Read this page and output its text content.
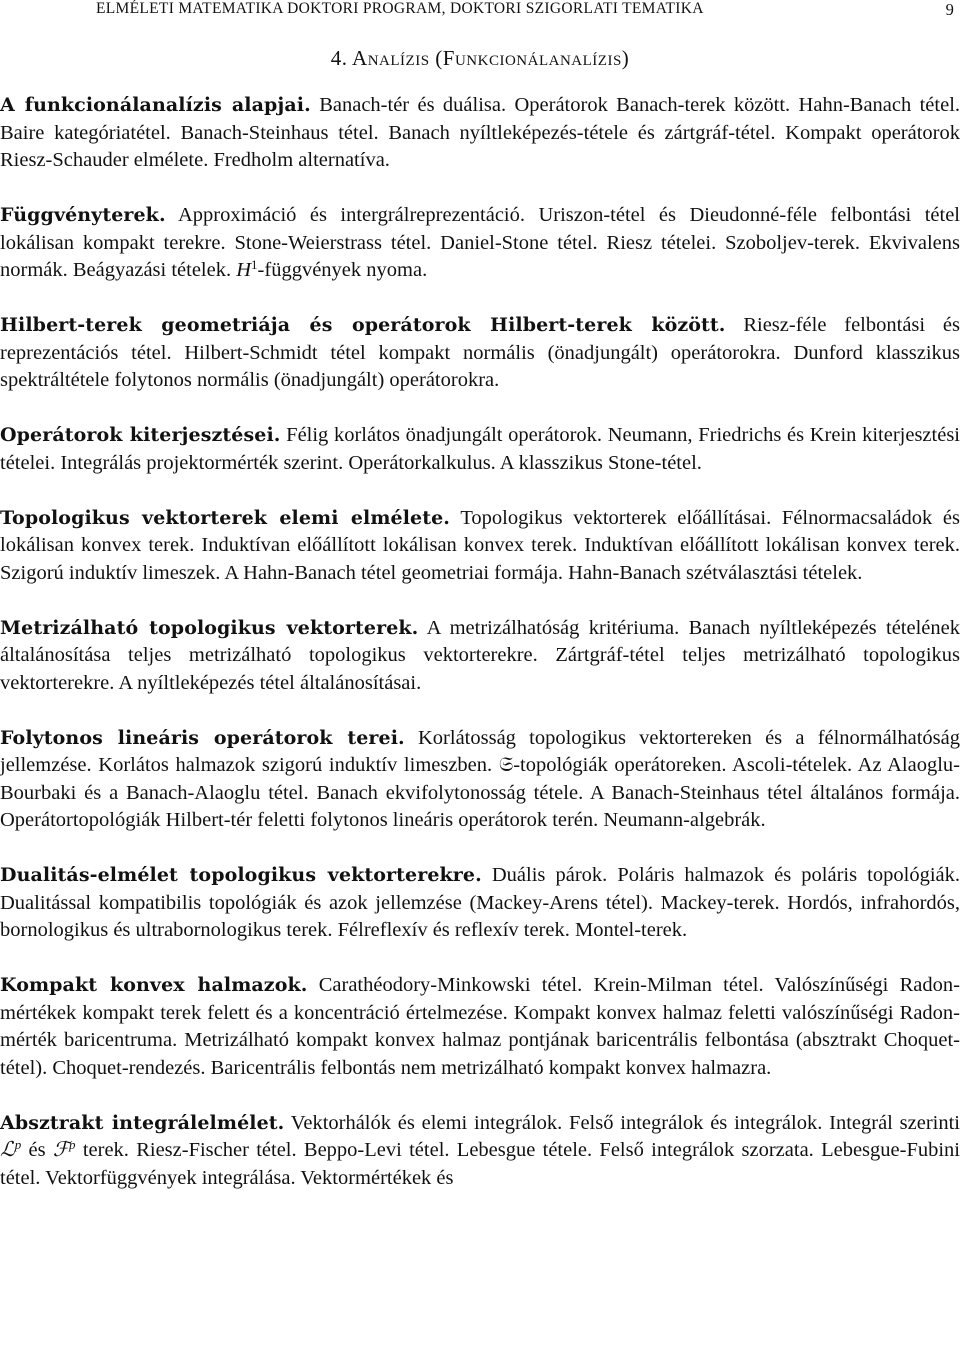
ELMÉLETI MATEMATIKA DOKTORI PROGRAM, DOKTORI SZIGORLATI TEMATIKA	9
4. Analízis (Funkcionálanalízis)

A funkcionálanalízis alapjai. Banach-tér és duálisa. Operátorok Banach-terek között. Hahn-Banach tétel. Baire kategóriatétel. Banach-Steinhaus tétel. Banach nyíltleképezés-tétele és zártgráf-tétel. Kompakt operátorok Riesz-Schauder elmélete. Fredholm alternatíva.

Függvényterek. Approximáció és intergrálreprezentáció. Uriszon-tétel és Dieudonné-féle felbontási tétel lokálisan kompakt terekre. Stone-Weierstrass tétel. Daniel-Stone tétel. Riesz tételei. Szoboljev-terek. Ekvivalens normák. Beágyazási tételek. $H^1$-függvények nyoma.

Hilbert-terek geometriája és operátorok Hilbert-terek között. Riesz-féle felbontási és reprezentációs tétel. Hilbert-Schmidt tétel kompakt normális (önadjungált) operátorokra. Dunford klasszikus spektráltétele folytonos normális (önadjungált) operátorokra.

Operátorok kiterjesztései. Félig korlátos önadjungált operátorok. Neumann, Friedrichs és Krein kiterjesztési tételei. Integrálás projektormérték szerint. Operátorkalkulus. A klasszikus Stone-tétel.

Topologikus vektorterek elemi elmélete. Topologikus vektorterek előállításai. Félnormacsaládok és lokálisan konvex terek. Induktívan előállított lokálisan konvex terek. Induktívan előállított lokálisan konvex terek. Szigorú induktív limeszek. A Hahn-Banach tétel geometriai formája. Hahn-Banach szétválasztási tételek.

Metrizálható topologikus vektorterek. A metrizálhatóság kritériuma. Banach nyíltleképezés tételének általánosítása teljes metrizálható topologikus vektorterekre. Zártgráf-tétel teljes metrizálható topologikus vektorterekre. A nyíltleképezés tétel általánosításai.

Folytonos lineáris operátorok terei. Korlátosság topologikus vektortereken és a félnormálhatóság jellemzése. Korlátos halmazok szigorú induktív limeszben. 𝔖-topológiák operátoreken. Ascoli-tételek. Az Alaoglu-Bourbaki és a Banach-Alaoglu tétel. Banach ekvifolytonosság tétele. A Banach-Steinhaus tétel általános formája. Operátortopológiák Hilbert-tér feletti folytonos lineáris operátorok terén. Neumann-algebrák.

Dualitás-elmélet topologikus vektorterekre. Duális párok. Poláris halmazok és poláris topológiák. Dualitással kompatibilis topológiák és azok jellemzése (Mackey-Arens tétel). Mackey-terek. Hordós, infrahordós, bornologikus és ultrabornologikus terek. Félreflexív és reflexív terek. Montel-terek.

Kompakt konvex halmazok. Carathéodory-Minkowski tétel. Krein-Milman tétel. Valószínűségi Radon-mértékek kompakt terek felett és a koncentráció értelmezése. Kompakt konvex halmaz feletti valószínűségi Radon-mérték baricentruma. Metrizálható kompakt konvex halmaz pontjának baricentrális felbontása (absztrakt Choquet-tétel). Choquet-rendezés. Baricentrális felbontás nem metrizálható kompakt konvex halmazra.

Absztrakt integrálelmélet. Vektorhálók és elemi integrálok. Felső integrálok és integrálok. Integrál szerinti ℒ$^p$ és ℱ$^p$ terek. Riesz-Fischer tétel. Beppo-Levi tétel. Lebesgue tétele. Felső integrálok szorzata. Lebesgue-Fubini tétel. Vektorfüggvények integrálása. Vektormértékek és
